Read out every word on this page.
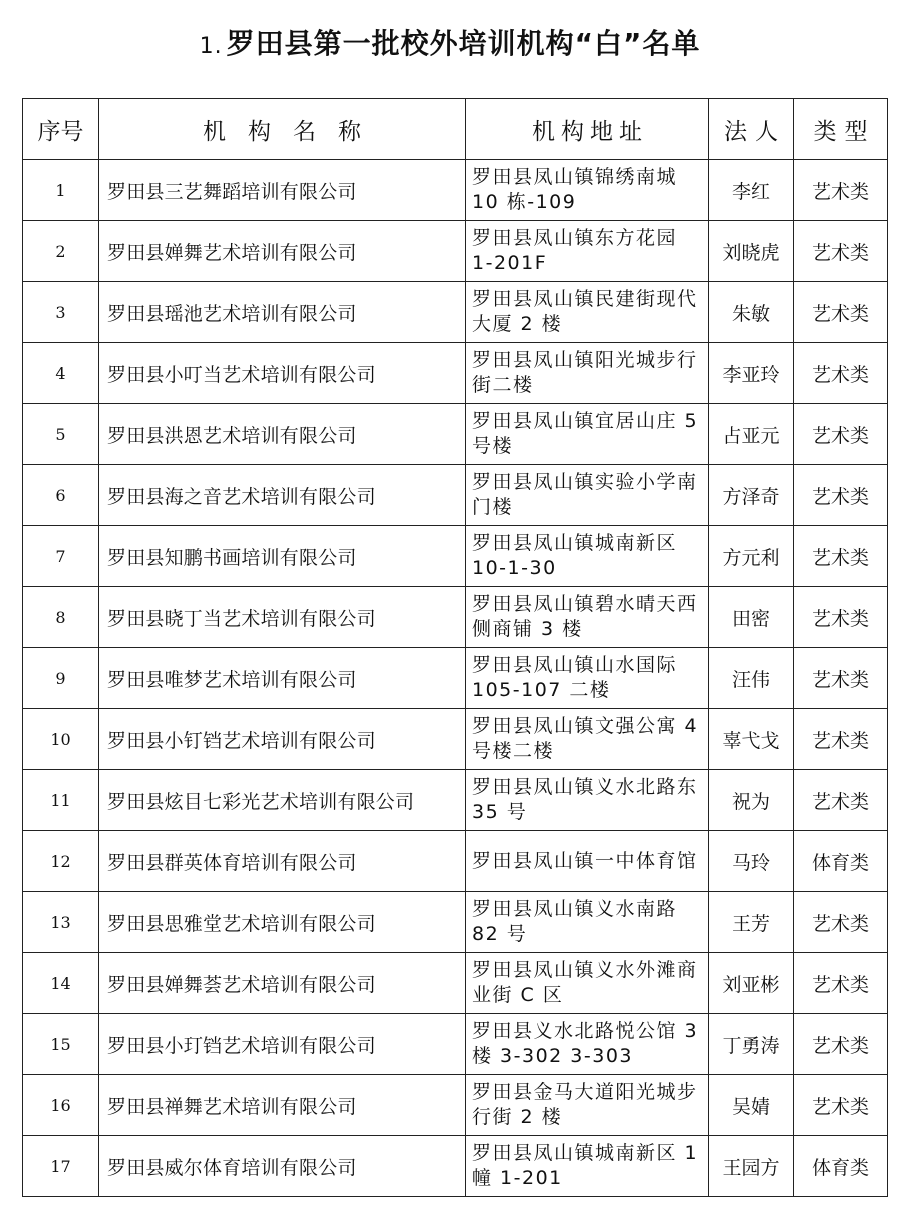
1. 罗田县第一批校外培训机构“白”名单
序号	机构名称	机构地址	法人	类型
1	罗田县三艺舞蹈培训有限公司	罗田县凤山镇锦绣南城 10 栋-109	李红	艺术类
2	罗田县婵舞艺术培训有限公司	罗田县凤山镇东方花园 1-201F	刘晓虎	艺术类
3	罗田县瑶池艺术培训有限公司	罗田县凤山镇民建街现代大厦 2 楼	朱敏	艺术类
4	罗田县小叮当艺术培训有限公司	罗田县凤山镇阳光城步行街二楼	李亚玲	艺术类
5	罗田县洪恩艺术培训有限公司	罗田县凤山镇宜居山庄 5 号楼	占亚元	艺术类
6	罗田县海之音艺术培训有限公司	罗田县凤山镇实验小学南门楼	方泽奇	艺术类
7	罗田县知鹏书画培训有限公司	罗田县凤山镇城南新区 10-1-30	方元利	艺术类
8	罗田县晓丁当艺术培训有限公司	罗田县凤山镇碧水晴天西侧商铺 3 楼	田密	艺术类
9	罗田县唯梦艺术培训有限公司	罗田县凤山镇山水国际 105-107 二楼	汪伟	艺术类
10	罗田县小钉铛艺术培训有限公司	罗田县凤山镇文强公寓 4 号楼二楼	辜弋戈	艺术类
11	罗田县炫目七彩光艺术培训有限公司	罗田县凤山镇义水北路东 35 号	祝为	艺术类
12	罗田县群英体育培训有限公司	罗田县凤山镇一中体育馆	马玲	体育类
13	罗田县思雅堂艺术培训有限公司	罗田县凤山镇义水南路 82 号	王芳	艺术类
14	罗田县婵舞荟艺术培训有限公司	罗田县凤山镇义水外滩商业街 C 区	刘亚彬	艺术类
15	罗田县小玎铛艺术培训有限公司	罗田县义水北路悦公馆 3 楼 3-302 3-303	丁勇涛	艺术类
16	罗田县禅舞艺术培训有限公司	罗田县金马大道阳光城步行街 2 楼	吴婧	艺术类
17	罗田县威尔体育培训有限公司	罗田县凤山镇城南新区 1 幢 1-201	王园方	体育类
